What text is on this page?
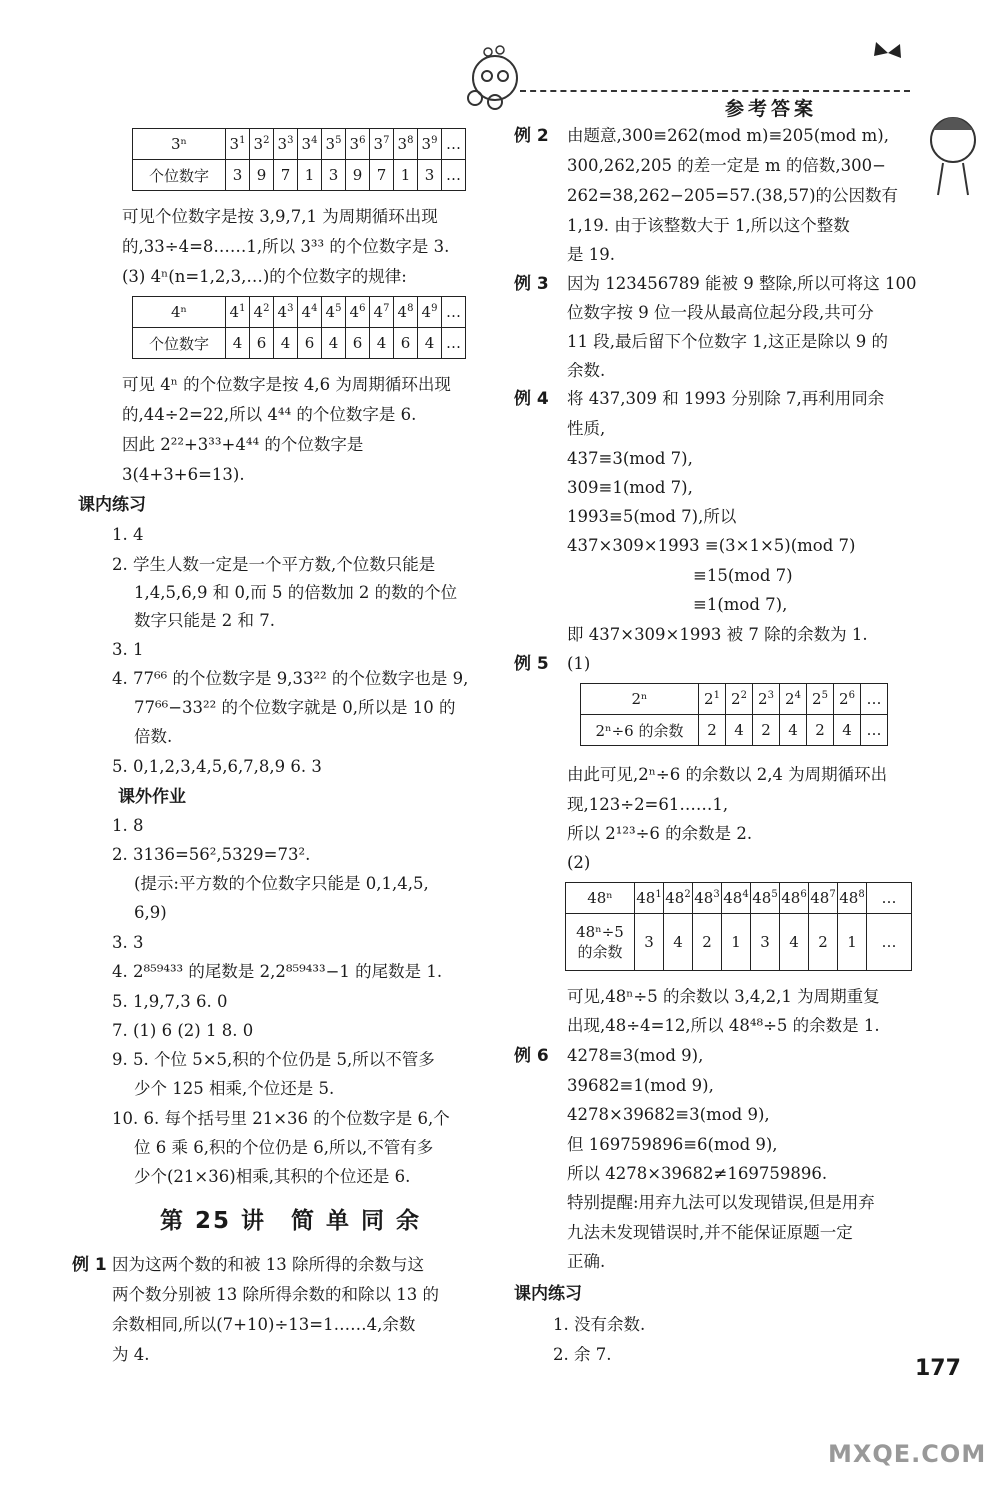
参考答案
177
MXQE.COM
3ⁿ	$3^1$	$3^2$	$3^3$	$3^4$	$3^5$	$3^6$	$3^7$	$3^8$	$3^9$	…
个位数字	3	9	7	1	3	9	7	1	3	…
可见个位数字是按 3,9,7,1 为周期循环出现
的,33÷4=8……1,所以 3³³ 的个位数字是 3.
(3) 4ⁿ(n=1,2,3,…)的个位数字的规律:
4ⁿ	$4^1$	$4^2$	$4^3$	$4^4$	$4^5$	$4^6$	$4^7$	$4^8$	$4^9$	…
个位数字	4	6	4	6	4	6	4	6	4	…
可见 4ⁿ 的个位数字是按 4,6 为周期循环出现
的,44÷2=22,所以 4⁴⁴ 的个位数字是 6.
因此 2²²+3³³+4⁴⁴ 的个位数字是
3(4+3+6=13).
课内练习
1. 4
2. 学生人数一定是一个平方数,个位数只能是
1,4,5,6,9 和 0,而 5 的倍数加 2 的数的个位
数字只能是 2 和 7.
3. 1
4. 77⁶⁶ 的个位数字是 9,33²² 的个位数字也是 9,
77⁶⁶−33²² 的个位数字就是 0,所以是 10 的
倍数.
5. 0,1,2,3,4,5,6,7,8,9 6. 3
课外作业
1. 8
2. 3136=56²,5329=73².
(提示:平方数的个位数字只能是 0,1,4,5,
6,9)
3. 3
4. 2⁸⁵⁹⁴³³ 的尾数是 2,2⁸⁵⁹⁴³³−1 的尾数是 1.
5. 1,9,7,3 6. 0
7. (1) 6 (2) 1 8. 0
9. 5. 个位 5×5,积的个位仍是 5,所以不管多
少个 125 相乘,个位还是 5.
10. 6. 每个括号里 21×36 的个位数字是 6,个
位 6 乘 6,积的个位仍是 6,所以,不管有多
少个(21×36)相乘,其积的个位还是 6.
第 25 讲　简 单 同 余
例 1 因为这两个数的和被 13 除所得的余数与这
两个数分别被 13 除所得余数的和除以 13 的
余数相同,所以(7+10)÷13=1……4,余数
为 4.
例 2 由题意,300≡262(mod m)≡205(mod m),
300,262,205 的差一定是 m 的倍数,300−
262=38,262−205=57.(38,57)的公因数有
1,19. 由于该整数大于 1,所以这个整数
是 19.
例 3 因为 123456789 能被 9 整除,所以可将这 100
位数字按 9 位一段从最高位起分段,共可分
11 段,最后留下个位数字 1,这正是除以 9 的
余数.
例 4 将 437,309 和 1993 分别除 7,再利用同余
性质,
437≡3(mod 7),
309≡1(mod 7),
1993≡5(mod 7),所以
437×309×1993 ≡(3×1×5)(mod 7)
≡15(mod 7)
≡1(mod 7),
即 437×309×1993 被 7 除的余数为 1.
例 5 (1)
2ⁿ	$2^1$	$2^2$	$2^3$	$2^4$	$2^5$	$2^6$	…
2ⁿ÷6 的余数	2	4	2	4	2	4	…
由此可见,2ⁿ÷6 的余数以 2,4 为周期循环出
现,123÷2=61……1,
所以 2¹²³÷6 的余数是 2.
(2)
48ⁿ	$48^1$	$48^2$	$48^3$	$48^4$	$48^5$	$48^6$	$48^7$	$48^8$	…

48ⁿ÷5
的余数	3	4	2	1	3	4	2	1	…
可见,48ⁿ÷5 的余数以 3,4,2,1 为周期重复
出现,48÷4=12,所以 48⁴⁸÷5 的余数是 1.
例 6 4278≡3(mod 9),
39682≡1(mod 9),
4278×39682≡3(mod 9),
但 169759896≡6(mod 9),
所以 4278×39682≠169759896.
特别提醒:用弃九法可以发现错误,但是用弃
九法未发现错误时,并不能保证原题一定
正确.
课内练习
1. 没有余数.
2. 余 7.
